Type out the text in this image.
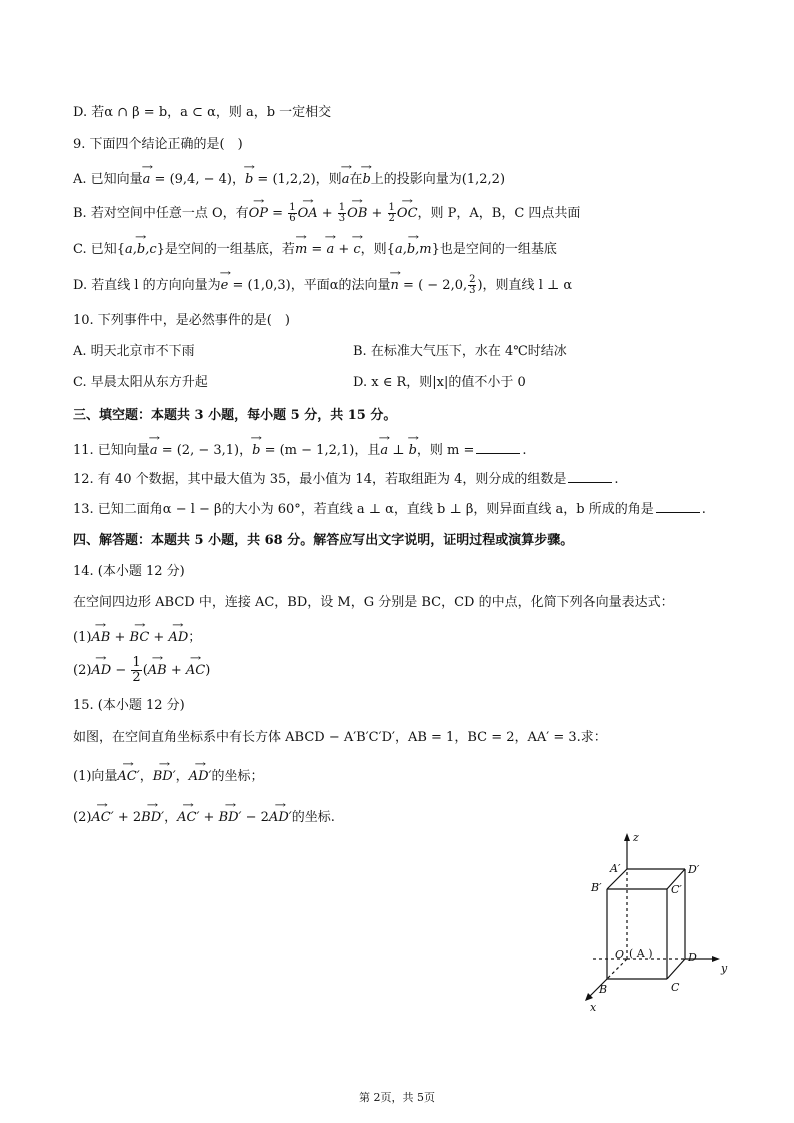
D. 若α ∩ β = b，a ⊂ α，则 a，b 一定相交
9. 下面四个结论正确的是(　)
A. 已知向量→ a = (9,4, − 4)，→ b = (1,2,2)，则→ a在→ b上的投影向量为(1,2,2)
B. 若对空间中任意一点 O，有→ OP = $\frac{1}{6}$ → OA + $\frac{1}{3}$ → OB + $\frac{1}{2}$ → OC，则 P，A，B，C 四点共面
C. 已知{→ a,b,c}是空间的一组基底，若→ m = → a + → c，则{→ a,b,m}也是空间的一组基底
D. 若直线 l 的方向向量为→ e = (1,0,3)，平面α的法向量→ n = ( − 2,0, $\frac{2}{3}$ )，则直线 l ⊥ α
10. 下列事件中，是必然事件的是(　)
A. 明天北京市不下雨	B. 在标准大气压下，水在 4℃时结冰
C. 早晨太阳从东方升起	D. x ∈ R，则|x|的值不小于 0
三、填空题：本题共 3 小题，每小题 5 分，共 15 分。
11. 已知向量→ a = (2, − 3,1)，→ b = (m − 1,2,1)，且→ a ⊥ → b，则 m =	.
12. 有 40 个数据，其中最大值为 35，最小值为 14，若取组距为 4，则分成的组数是	.
13. 已知二面角α − l − β的大小为 60°，若直线 a ⊥ α，直线 b ⊥ β，则异面直线 a，b 所成的角是	.
四、解答题：本题共 5 小题，共 68 分。解答应写出文字说明，证明过程或演算步骤。
14. (本小题 12 分)
在空间四边形 ABCD 中，连接 AC，BD，设 M，G 分别是 BC，CD 的中点，化简下列各向量表达式：
(1)→ AB + → BC + → AD；
(2)→ AD − $\frac{1}{2}$ (→ AB + → AC)
15. (本小题 12 分)
如图，在空间直角坐标系中有长方体 ABCD − A′B′C′D′，AB = 1，BC = 2，AA′ = 3.求：
(1)向量→ AC′，→ BD′，→ AD′的坐标；
(2)→ AC′ + 2→ BD′，→ AC′ + → BD′ − 2→ AD′的坐标.
z
y
x
A′
B′	C′
D′
O ( A )	D
B	C
第 2页，共 5页
